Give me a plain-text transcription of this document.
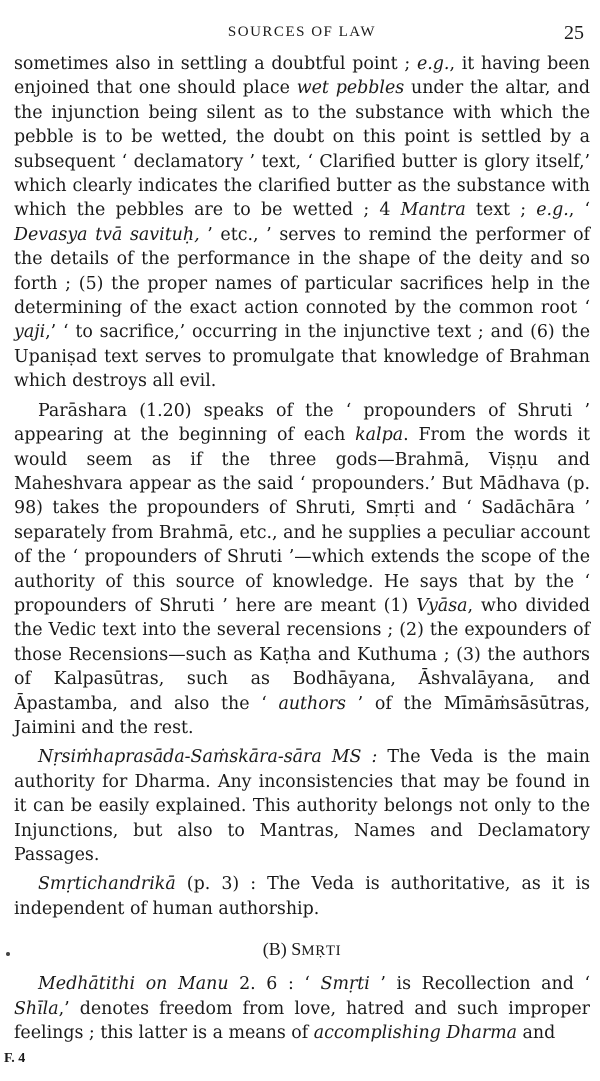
SOURCES OF LAW	25

sometimes also in settling a doubtful point ; e.g., it having been enjoined that one should place wet pebbles under the altar, and the injunction being silent as to the substance with which the pebble is to be wetted, the doubt on this point is settled by a subsequent ‘ declamatory ’ text, ‘ Clarified butter is glory itself,’ which clearly indicates the clarified butter as the substance with which the pebbles are to be wetted ; 4 Mantra text ; e.g., ‘ Devasya tvā savituḥ, ’ etc., ’ serves to remind the performer of the details of the performance in the shape of the deity and so forth ; (5) the proper names of particular sacrifices help in the determining of the exact action connoted by the common root ‘ yaji,’ ‘ to sacrifice,’ occurring in the injunctive text ; and (6) the Upaniṣad text serves to promulgate that knowledge of Brahman which destroys all evil.

Parāshara (1.20) speaks of the ‘ propounders of Shruti ’ appearing at the beginning of each kalpa. From the words it would seem as if the three gods—Brahmā, Viṣṇu and Maheshvara appear as the said ‘ propounders.’ But Mādhava (p. 98) takes the propounders of Shruti, Smṛti and ‘ Sadāchāra ’ separately from Brahmā, etc., and he supplies a peculiar account of the ‘ propounders of Shruti ’—which extends the scope of the authority of this source of knowledge. He says that by the ‘ propounders of Shruti ’ here are meant (1) Vyāsa, who divided the Vedic text into the several recensions ; (2) the expounders of those Recensions—such as Kaṭha and Kuthuma ; (3) the authors of Kalpasūtras, such as Bodhāyana, Āshvalāyana, and Āpastamba, and also the ‘ authors ’ of the Mīmāṁsāsūtras, Jaimini and the rest.

Nṛsiṁhaprasāda-Saṁskāra-sāra MS : The Veda is the main authority for Dharma. Any inconsistencies that may be found in it can be easily explained. This authority belongs not only to the Injunctions, but also to Mantras, Names and Declamatory Passages.

Smṛtichandrikā (p. 3) : The Veda is authoritative, as it is independent of human authorship.

(B) SMṚTI

Medhātithi on Manu 2. 6 : ‘ Smṛti ’ is Recollection and ‘ Shīla,’ denotes freedom from love, hatred and such improper feelings ; this latter is a means of accomplishing Dharma and

F. 4
